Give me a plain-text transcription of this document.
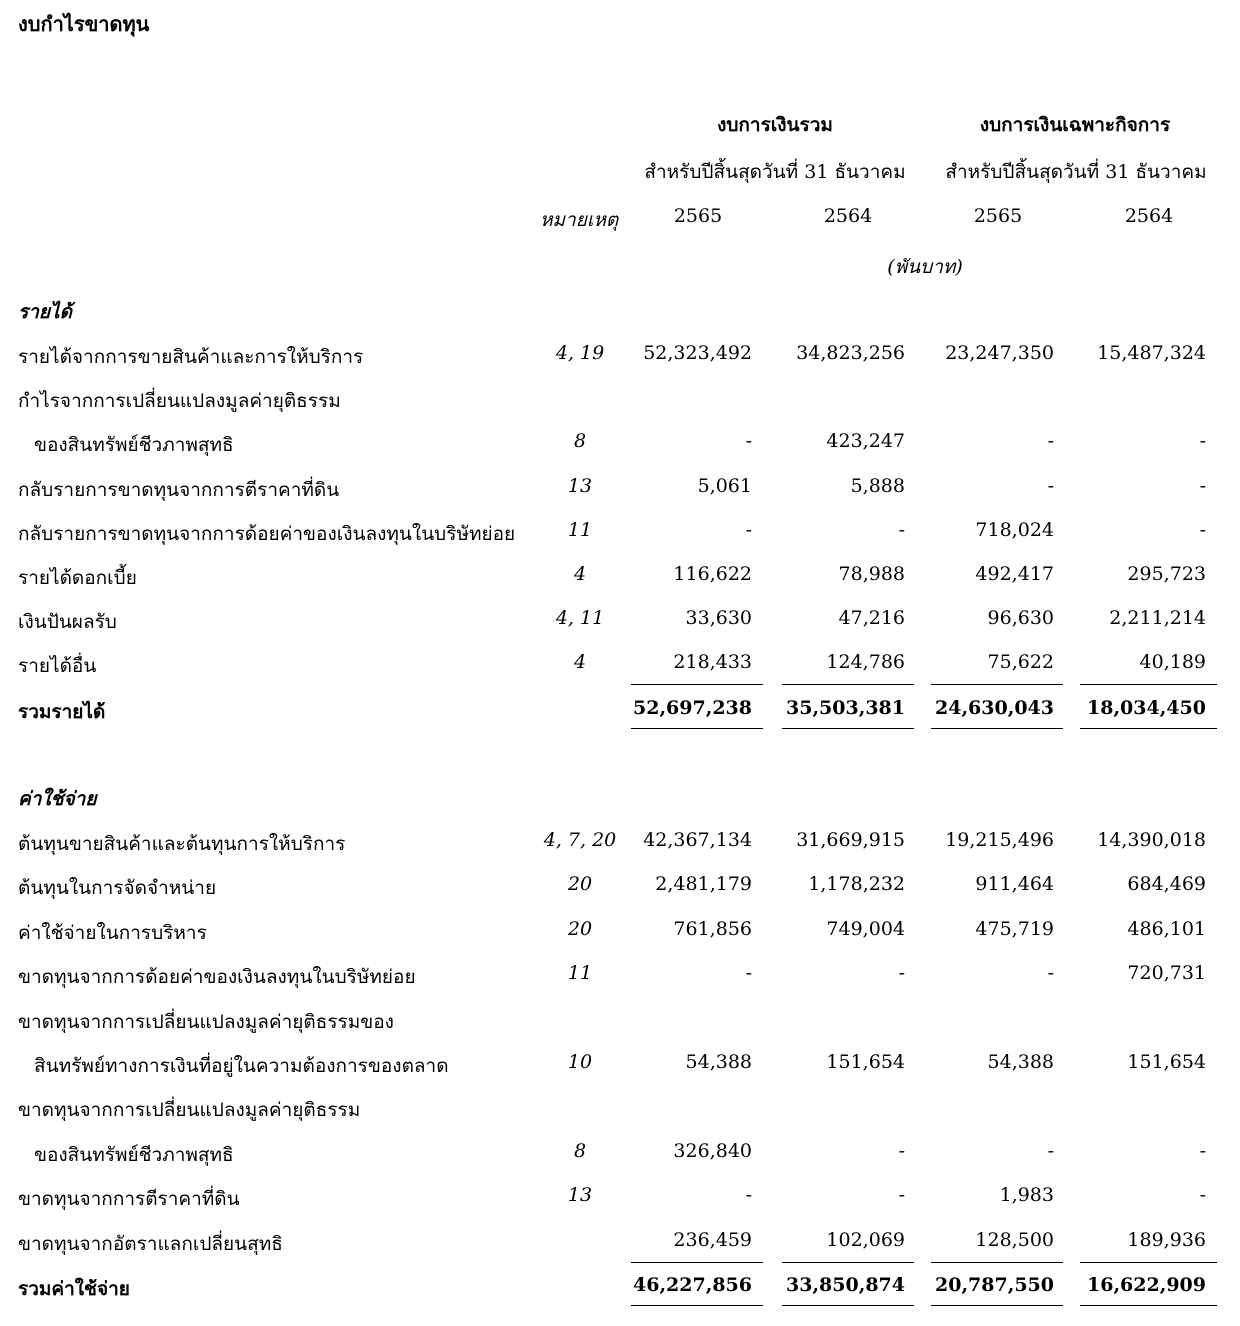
งบกำไรขาดทุน
งบการเงินรวม	งบการเงินเฉพาะกิจการ
สำหรับปีสิ้นสุดวันที่ 31 ธันวาคม	สำหรับปีสิ้นสุดวันที่ 31 ธันวาคม
หมายเหตุ	2565	2564	2565	2564
(พันบาท)
รายได้
รายได้จากการขายสินค้าและการให้บริการ	4, 19	52,323,492 34,823,256 23,247,350 15,487,324
กำไรจากการเปลี่ยนแปลงมูลค่ายุติธรรม
ของสินทรัพย์ชีวภาพสุทธิ	8	-	423,247	-	-
กลับรายการขาดทุนจากการตีราคาที่ดิน	13	5,061	5,888	-	-
กลับรายการขาดทุนจากการด้อยค่าของเงินลงทุนในบริษัทย่อย	11	-	-	718,024	-
รายได้ดอกเบี้ย	4	116,622	78,988	492,417	295,723
เงินปันผลรับ	4, 11	33,630	47,216	96,630	2,211,214
รายได้อื่น	4	218,433	124,786	75,622	40,189
รวมรายได้	52,697,238 35,503,381 24,630,043 18,034,450
ค่าใช้จ่าย
ต้นทุนขายสินค้าและต้นทุนการให้บริการ	4, 7, 20	42,367,134 31,669,915 19,215,496 14,390,018
ต้นทุนในการจัดจำหน่าย	20	2,481,179	1,178,232	911,464	684,469
ค่าใช้จ่ายในการบริหาร	20	761,856	749,004	475,719	486,101
ขาดทุนจากการด้อยค่าของเงินลงทุนในบริษัทย่อย	11	-	-	-	720,731
ขาดทุนจากการเปลี่ยนแปลงมูลค่ายุติธรรมของ
สินทรัพย์ทางการเงินที่อยู่ในความต้องการของตลาด	10	54,388	151,654	54,388	151,654
ขาดทุนจากการเปลี่ยนแปลงมูลค่ายุติธรรม
ของสินทรัพย์ชีวภาพสุทธิ	8	326,840	-	-	-
ขาดทุนจากการตีราคาที่ดิน	13	-	-	1,983	-
ขาดทุนจากอัตราแลกเปลี่ยนสุทธิ	236,459	102,069	128,500	189,936
รวมค่าใช้จ่าย	46,227,856 33,850,874 20,787,550 16,622,909
